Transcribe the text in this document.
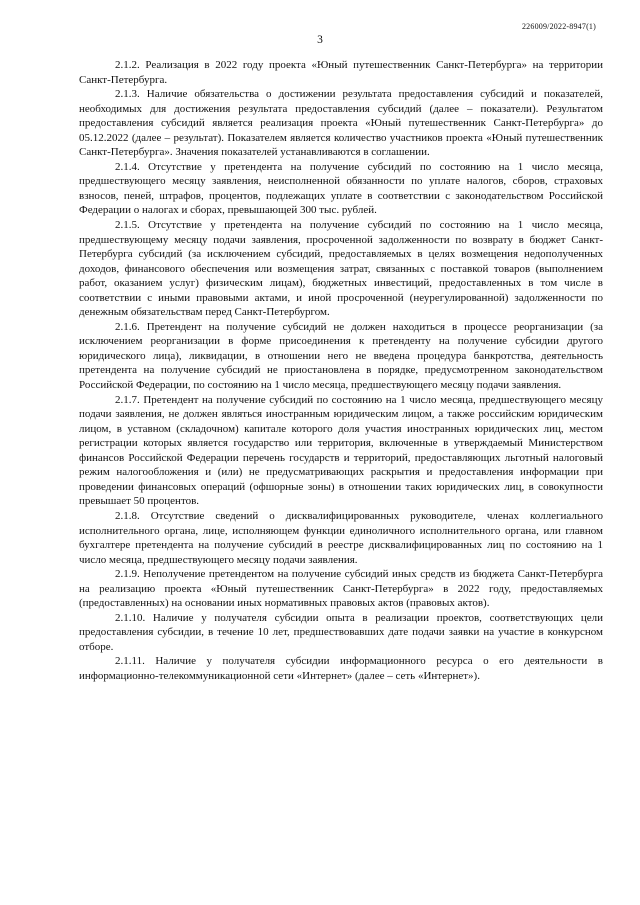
226009/2022-8947(1)
3

2.1.2. Реализация в 2022 году проекта «Юный путешественник Санкт-Петербурга» на территории Санкт-Петербурга.

2.1.3. Наличие обязательства о достижении результата предоставления субсидий и показателей, необходимых для достижения результата предоставления субсидий (далее – показатели). Результатом предоставления субсидий является реализация проекта «Юный путешественник Санкт-Петербурга» до 05.12.2022 (далее – результат). Показателем является количество участников проекта «Юный путешественник Санкт-Петербурга». Значения показателей устанавливаются в соглашении.

2.1.4. Отсутствие у претендента на получение субсидий по состоянию на 1 число месяца, предшествующего месяцу заявления, неисполненной обязанности по уплате налогов, сборов, страховых взносов, пеней, штрафов, процентов, подлежащих уплате в соответствии с законодательством Российской Федерации о налогах и сборах, превышающей 300 тыс. рублей.

2.1.5. Отсутствие у претендента на получение субсидий по состоянию на 1 число месяца, предшествующему месяцу подачи заявления, просроченной задолженности по возврату в бюджет Санкт-Петербурга субсидий (за исключением субсидий, предоставляемых в целях возмещения недополученных доходов, финансового обеспечения или возмещения затрат, связанных с поставкой товаров (выполнением работ, оказанием услуг) физическим лицам), бюджетных инвестиций, предоставленных в том числе в соответствии с иными правовыми актами, и иной просроченной (неурегулированной) задолженности по денежным обязательствам перед Санкт-Петербургом.

2.1.6. Претендент на получение субсидий не должен находиться в процессе реорганизации (за исключением реорганизации в форме присоединения к претенденту на получение субсидии другого юридического лица), ликвидации, в отношении него не введена процедура банкротства, деятельность претендента на получение субсидий не приостановлена в порядке, предусмотренном законодательством Российской Федерации, по состоянию на 1 число месяца, предшествующего месяцу подачи заявления.

2.1.7. Претендент на получение субсидий по состоянию на 1 число месяца, предшествующего месяцу подачи заявления, не должен являться иностранным юридическим лицом, а также российским юридическим лицом, в уставном (складочном) капитале которого доля участия иностранных юридических лиц, местом регистрации которых является государство или территория, включенные в утверждаемый Министерством финансов Российской Федерации перечень государств и территорий, предоставляющих льготный налоговый режим налогообложения и (или) не предусматривающих раскрытия и предоставления информации при проведении финансовых операций (офшорные зоны) в отношении таких юридических лиц, в совокупности превышает 50 процентов.

2.1.8. Отсутствие сведений о дисквалифицированных руководителе, членах коллегиального исполнительного органа, лице, исполняющем функции единоличного исполнительного органа, или главном бухгалтере претендента на получение субсидий в реестре дисквалифицированных лиц по состоянию на 1 число месяца, предшествующего месяцу подачи заявления.

2.1.9. Неполучение претендентом на получение субсидий иных средств из бюджета Санкт-Петербурга на реализацию проекта «Юный путешественник Санкт-Петербурга» в 2022 году, предоставляемых (предоставленных) на основании иных нормативных правовых актов (правовых актов).

2.1.10. Наличие у получателя субсидии опыта в реализации проектов, соответствующих цели предоставления субсидии, в течение 10 лет, предшествовавших дате подачи заявки на участие в конкурсном отборе.

2.1.11. Наличие у получателя субсидии информационного ресурса о его деятельности в информационно-телекоммуникационной сети «Интернет» (далее – сеть «Интернет»).
